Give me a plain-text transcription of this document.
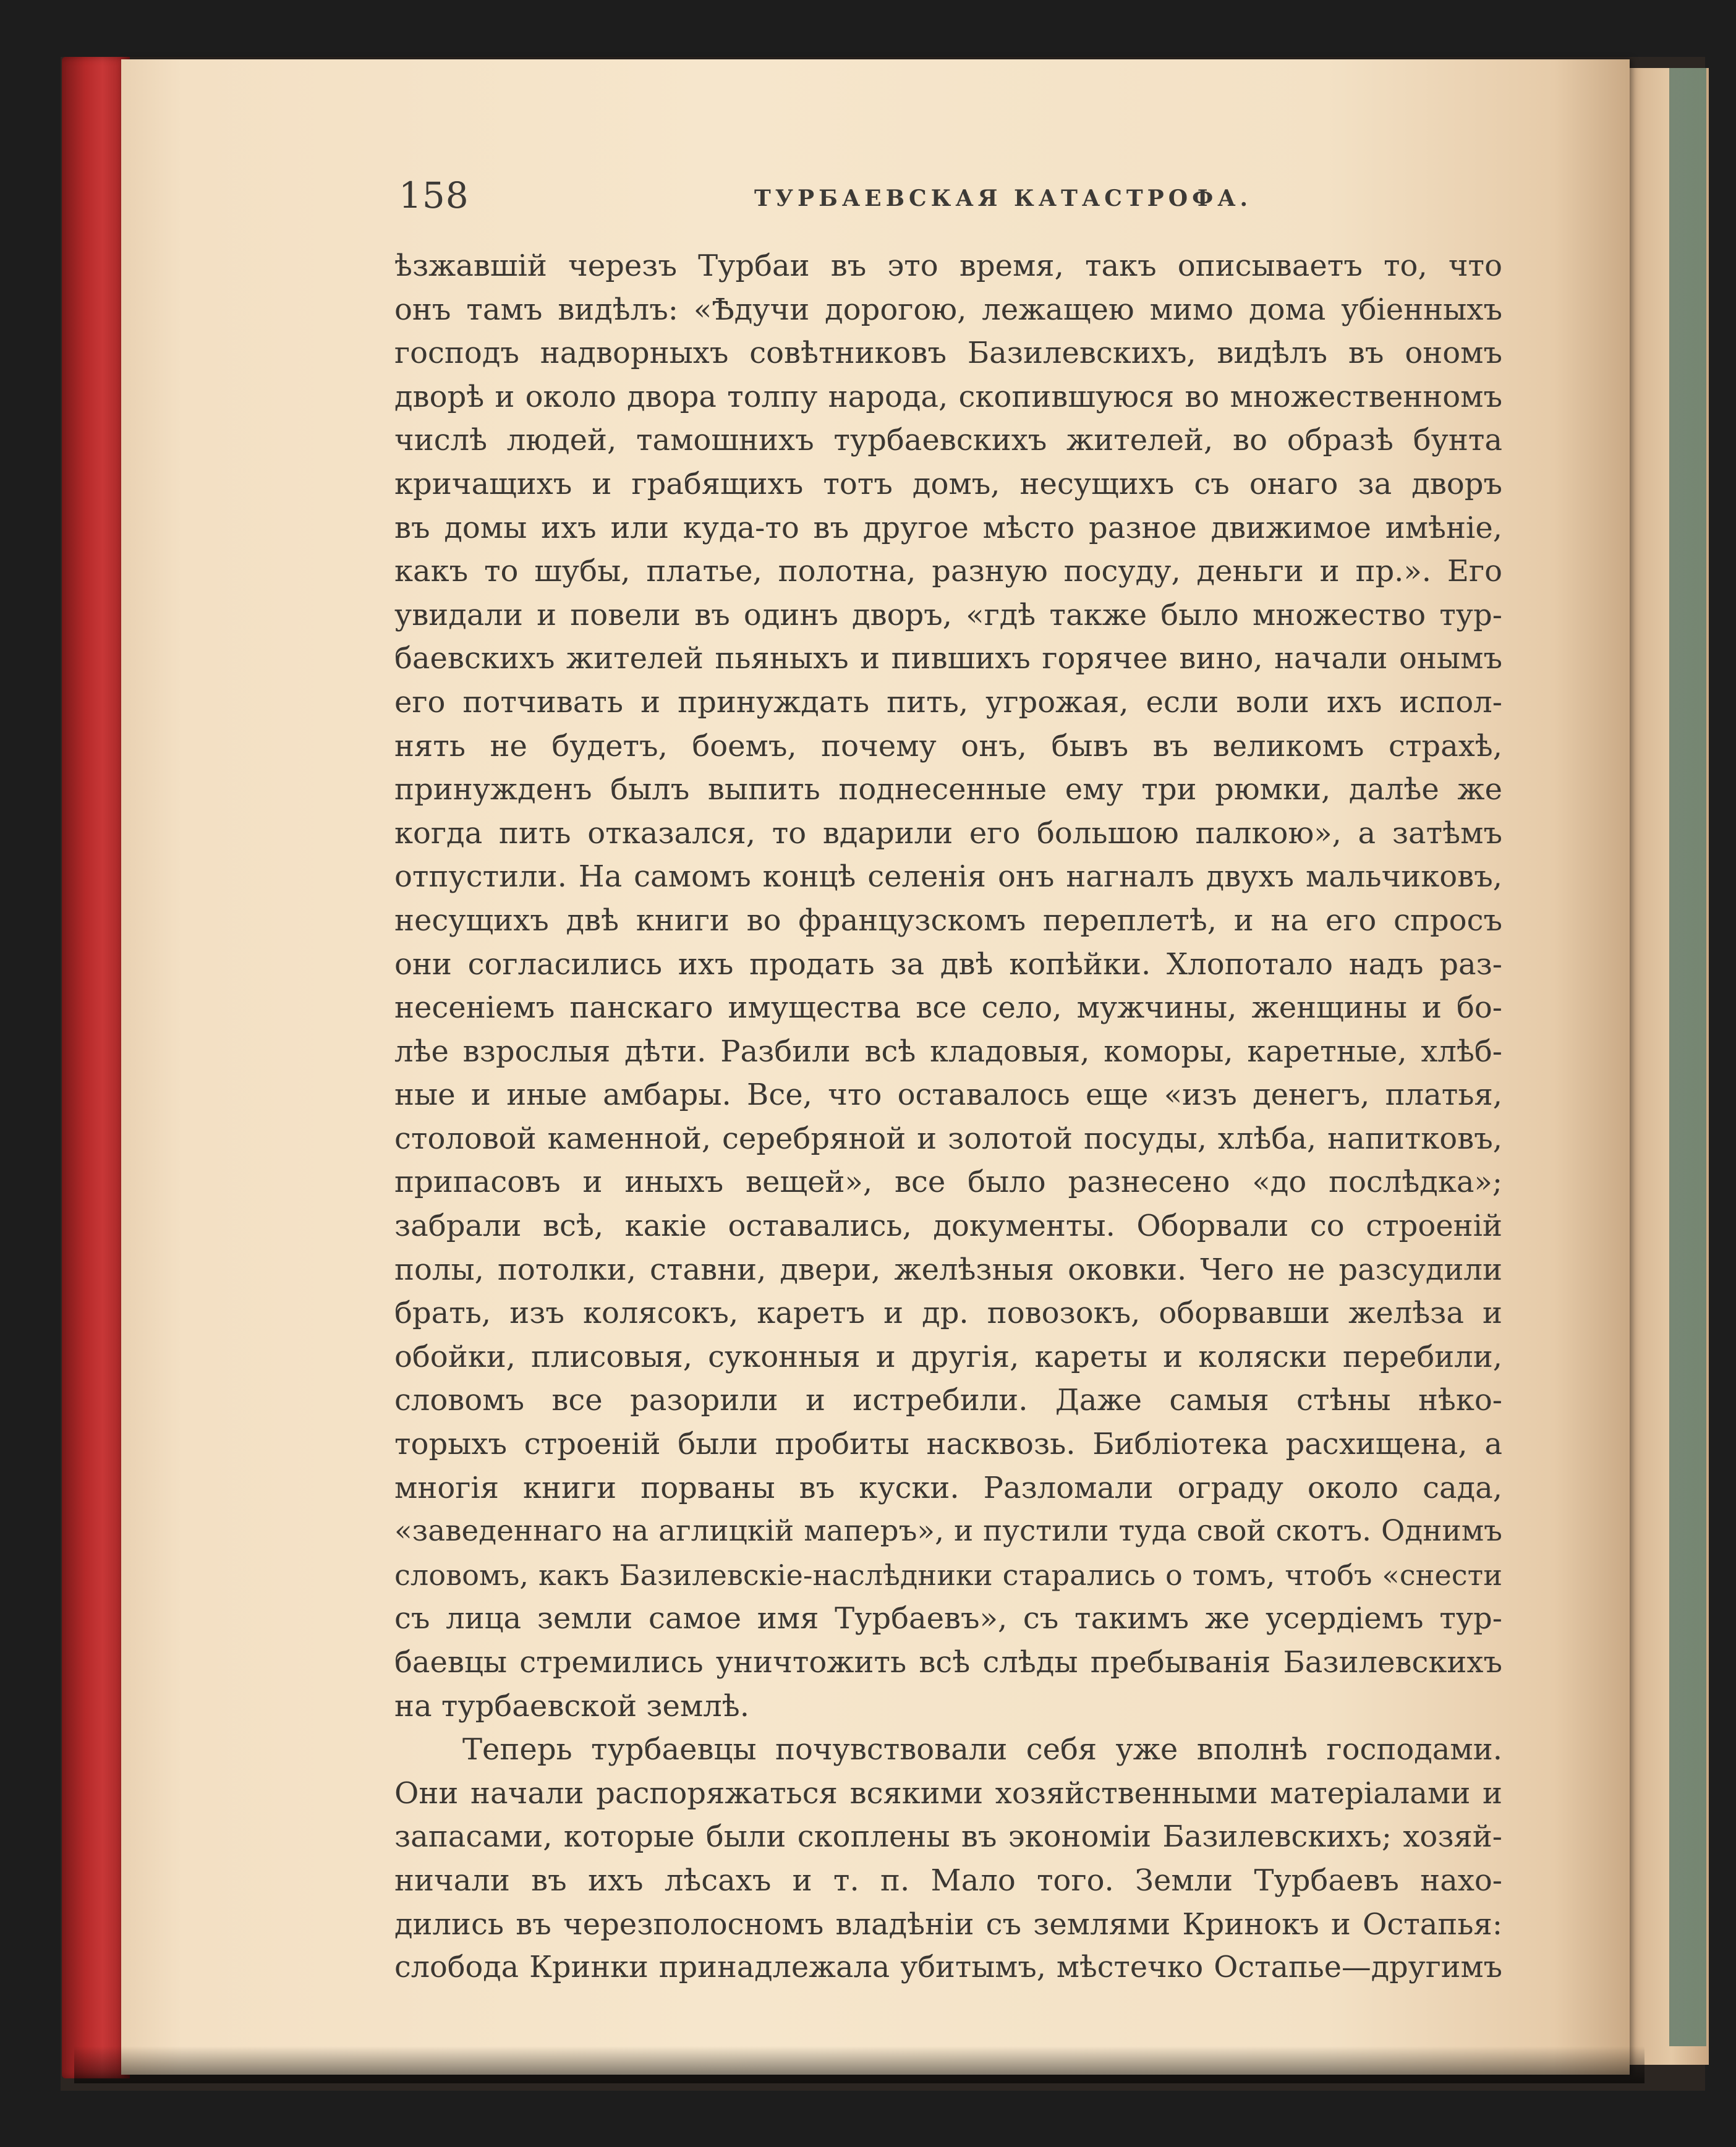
158	ТУРБАЕВСКАЯ КАТАСТРОФА.
ѣзжавшій черезъ Турбаи въ это время, такъ описываетъ то, что
онъ тамъ видѣлъ: «Ѣдучи дорогою, лежащею мимо дома убіенныхъ
господъ надворныхъ совѣтниковъ Базилевскихъ, видѣлъ въ ономъ
дворѣ и около двора толпу народа, скопившуюся во множественномъ
числѣ людей, тамошнихъ турбаевскихъ жителей, во образѣ бунта
кричащихъ и грабящихъ тотъ домъ, несущихъ съ онаго за дворъ
въ домы ихъ или куда-то въ другое мѣсто разное движимое имѣніе,
какъ то шубы, платье, полотна, разную посуду, деньги и пр.». Его
увидали и повели въ одинъ дворъ, «гдѣ также было множество тур-
баевскихъ жителей пьяныхъ и пившихъ горячее вино, начали онымъ
его потчивать и принуждать пить, угрожая, если воли ихъ испол-
нять не будетъ, боемъ, почему онъ, бывъ въ великомъ страхѣ,
принужденъ былъ выпить поднесенные ему три рюмки, далѣе же
когда пить отказался, то вдарили его большою палкою», а затѣмъ
отпустили. На самомъ концѣ селенія онъ нагналъ двухъ мальчиковъ,
несущихъ двѣ книги во французскомъ переплетѣ, и на его спросъ
они согласились ихъ продать за двѣ копѣйки. Хлопотало надъ раз-
несеніемъ панскаго имущества все село, мужчины, женщины и бо-
лѣе взрослыя дѣти. Разбили всѣ кладовыя, коморы, каретные, хлѣб-
ные и иные амбары. Все, что оставалось еще «изъ денегъ, платья,
столовой каменной, серебряной и золотой посуды, хлѣба, напитковъ,
припасовъ и иныхъ вещей», все было разнесено «до послѣдка»;
забрали всѣ, какіе оставались, документы. Оборвали со строеній
полы, потолки, ставни, двери, желѣзныя оковки. Чего не разсудили
брать, изъ колясокъ, каретъ и др. повозокъ, оборвавши желѣза и
обойки, плисовыя, суконныя и другія, кареты и коляски перебили,
словомъ все разорили и истребили. Даже самыя стѣны нѣко-
торыхъ строеній были пробиты насквозь. Библіотека расхищена, а
многія книги порваны въ куски. Разломали ограду около сада,
«заведеннаго на аглицкій маперъ», и пустили туда свой скотъ. Однимъ
словомъ, какъ Базилевскіе-наслѣдники старались о томъ, чтобъ «снести
съ лица земли самое имя Турбаевъ», съ такимъ же усердіемъ тур-
баевцы стремились уничтожить всѣ слѣды пребыванія Базилевскихъ
на турбаевской землѣ.
Теперь турбаевцы почувствовали себя уже вполнѣ господами.
Они начали распоряжаться всякими хозяйственными матеріалами и
запасами, которые были скоплены въ экономіи Базилевскихъ; хозяй-
ничали въ ихъ лѣсахъ и т. п. Мало того. Земли Турбаевъ нахо-
дились въ черезполосномъ владѣніи съ землями Кринокъ и Остапья:
слобода Кринки принадлежала убитымъ, мѣстечко Остапье—другимъ
